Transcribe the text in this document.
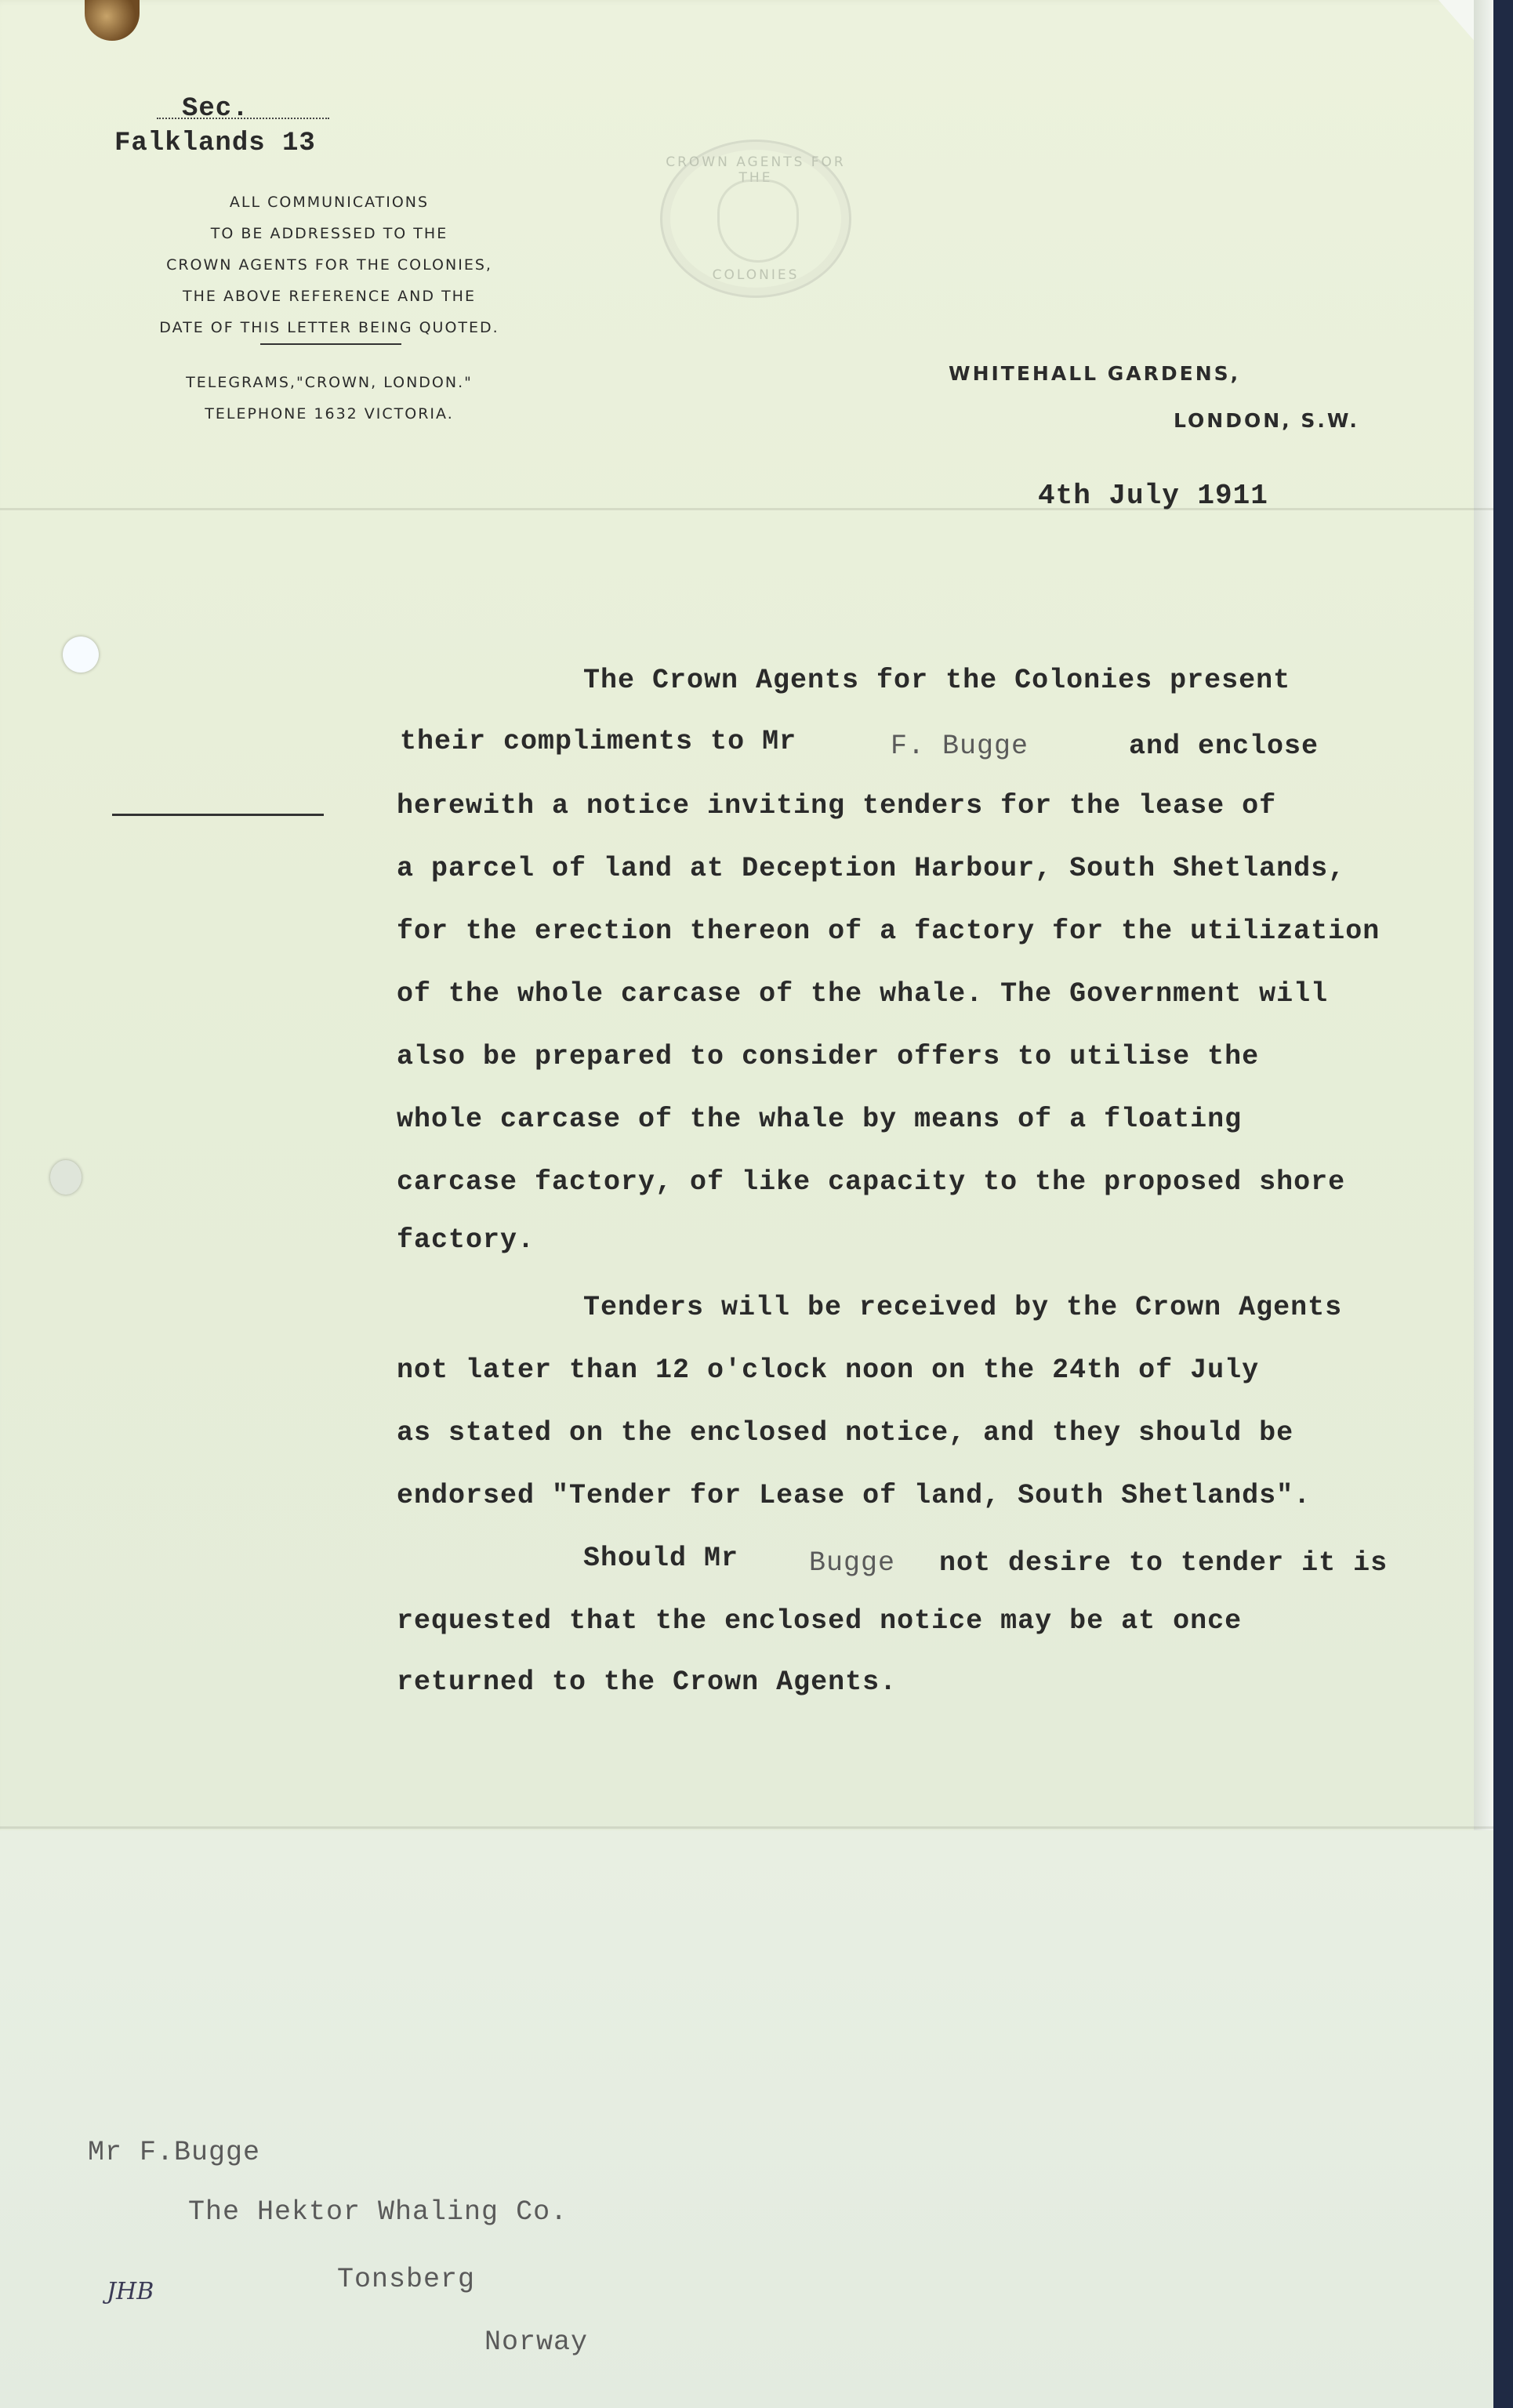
Sec.
Falklands 13
ALL COMMUNICATIONS
TO BE ADDRESSED TO THE
CROWN AGENTS FOR THE COLONIES,
THE ABOVE REFERENCE AND THE
DATE OF THIS LETTER BEING QUOTED.
TELEGRAMS,"CROWN, LONDON."
TELEPHONE 1632 VICTORIA.
CROWN AGENTS FOR THE
COLONIES
WHITEHALL GARDENS,
LONDON, S.W.
4th July 1911
The Crown Agents for the Colonies present
their compliments to Mr	F. Bugge	and enclose
herewith a notice inviting tenders for the lease of
a parcel of land at Deception Harbour, South Shetlands,
for the erection thereon of a factory for the utilization
of the whole carcase of the whale. The Government will
also be prepared to consider offers to utilise the
whole carcase of the whale by means of a floating
carcase factory, of like capacity to the proposed shore
factory.
Tenders will be received by the Crown Agents
not later than 12 o'clock noon on the 24th of July
as stated on the enclosed notice, and they should be
endorsed "Tender for Lease of land, South Shetlands".
Should Mr	Bugge not desire to tender it is
requested that the enclosed notice may be at once
returned to the Crown Agents.
Mr F.Bugge
The Hektor Whaling Co.
Tonsberg
Norway
JHB
